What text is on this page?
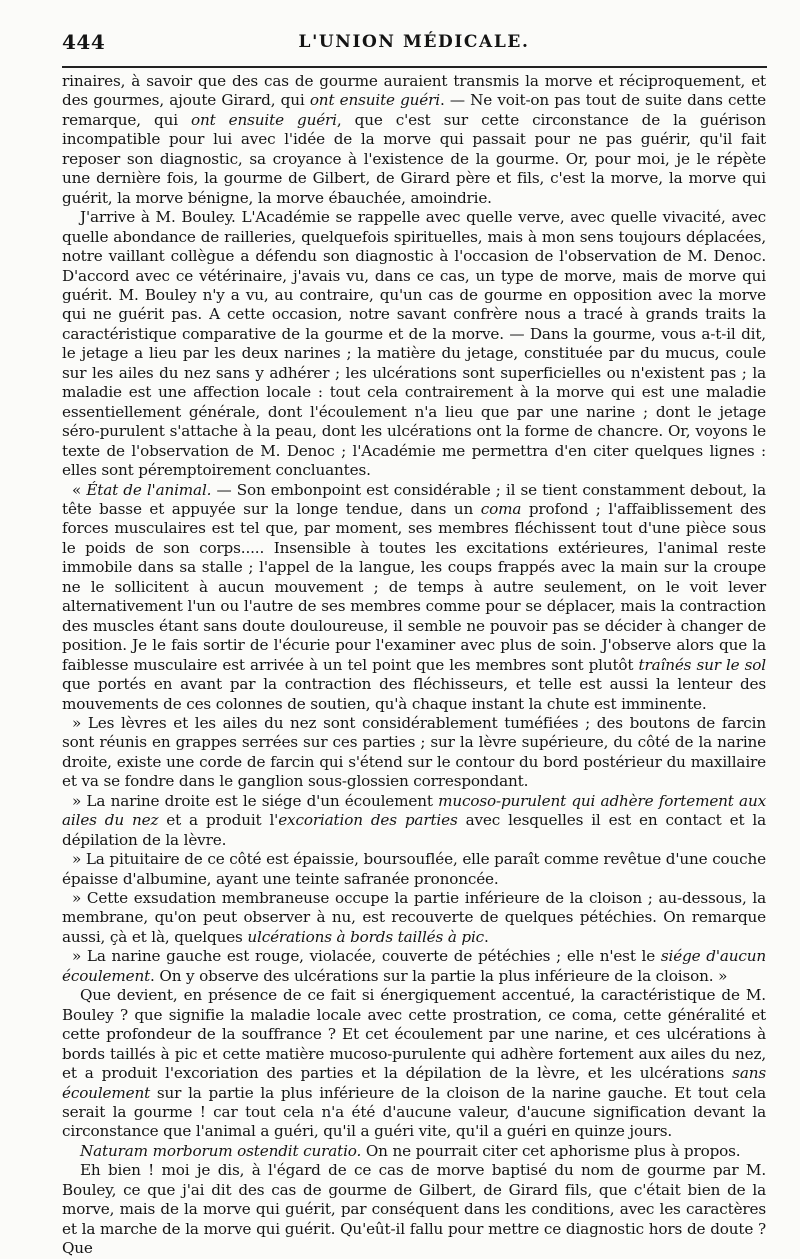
444	L'UNION MÉDICALE.

rinaires, à savoir que des cas de gourme auraient transmis la morve et réciproquement, et des gourmes, ajoute Girard, qui ont ensuite guéri. — Ne voit-on pas tout de suite dans cette remarque, qui ont ensuite guéri, que c'est sur cette circonstance de la guérison incompatible pour lui avec l'idée de la morve qui passait pour ne pas guérir, qu'il fait reposer son diagnostic, sa croyance à l'existence de la gourme. Or, pour moi, je le répète une dernière fois, la gourme de Gilbert, de Girard père et fils, c'est la morve, la morve qui guérit, la morve bénigne, la morve ébauchée, amoindrie.

J'arrive à M. Bouley. L'Académie se rappelle avec quelle verve, avec quelle vivacité, avec quelle abondance de railleries, quelquefois spirituelles, mais à mon sens toujours déplacées, notre vaillant collègue a défendu son diagnostic à l'occasion de l'observation de M. Denoc. D'accord avec ce vétérinaire, j'avais vu, dans ce cas, un type de morve, mais de morve qui guérit. M. Bouley n'y a vu, au contraire, qu'un cas de gourme en opposition avec la morve qui ne guérit pas. A cette occasion, notre savant confrère nous a tracé à grands traits la caractéristique comparative de la gourme et de la morve. — Dans la gourme, vous a-t-il dit, le jetage a lieu par les deux narines ; la matière du jetage, constituée par du mucus, coule sur les ailes du nez sans y adhérer ; les ulcérations sont superficielles ou n'existent pas ; la maladie est une affection locale : tout cela contrairement à la morve qui est une maladie essentiellement générale, dont l'écoulement n'a lieu que par une narine ; dont le jetage séro-purulent s'attache à la peau, dont les ulcérations ont la forme de chancre. Or, voyons le texte de l'observation de M. Denoc ; l'Académie me permettra d'en citer quelques lignes : elles sont péremptoirement concluantes.

« État de l'animal. — Son embonpoint est considérable ; il se tient constamment debout, la tête basse et appuyée sur la longe tendue, dans un coma profond ; l'affaiblissement des forces musculaires est tel que, par moment, ses membres fléchissent tout d'une pièce sous le poids de son corps..... Insensible à toutes les excitations extérieures, l'animal reste immobile dans sa stalle ; l'appel de la langue, les coups frappés avec la main sur la croupe ne le sollicitent à aucun mouvement ; de temps à autre seulement, on le voit lever alternativement l'un ou l'autre de ses membres comme pour se déplacer, mais la contraction des muscles étant sans doute douloureuse, il semble ne pouvoir pas se décider à changer de position. Je le fais sortir de l'écurie pour l'examiner avec plus de soin. J'observe alors que la faiblesse musculaire est arrivée à un tel point que les membres sont plutôt traînés sur le sol que portés en avant par la contraction des fléchisseurs, et telle est aussi la lenteur des mouvements de ces colonnes de soutien, qu'à chaque instant la chute est imminente.

» Les lèvres et les ailes du nez sont considérablement tuméfiées ; des boutons de farcin sont réunis en grappes serrées sur ces parties ; sur la lèvre supérieure, du côté de la narine droite, existe une corde de farcin qui s'étend sur le contour du bord postérieur du maxillaire et va se fondre dans le ganglion sous-glossien correspondant.

» La narine droite est le siége d'un écoulement mucoso-purulent qui adhère fortement aux ailes du nez et a produit l'excoriation des parties avec lesquelles il est en contact et la dépilation de la lèvre.

» La pituitaire de ce côté est épaissie, boursouflée, elle paraît comme revêtue d'une couche épaisse d'albumine, ayant une teinte safranée prononcée.

» Cette exsudation membraneuse occupe la partie inférieure de la cloison ; au-dessous, la membrane, qu'on peut observer à nu, est recouverte de quelques pétéchies. On remarque aussi, çà et là, quelques ulcérations à bords taillés à pic.

» La narine gauche est rouge, violacée, couverte de pétéchies ; elle n'est le siége d'aucun écoulement. On y observe des ulcérations sur la partie la plus inférieure de la cloison. »

Que devient, en présence de ce fait si énergiquement accentué, la caractéristique de M. Bouley ? que signifie la maladie locale avec cette prostration, ce coma, cette généralité et cette profondeur de la souffrance ? Et cet écoulement par une narine, et ces ulcérations à bords taillés à pic et cette matière mucoso-purulente qui adhère fortement aux ailes du nez, et a produit l'excoriation des parties et la dépilation de la lèvre, et les ulcérations sans écoulement sur la partie la plus inférieure de la cloison de la narine gauche. Et tout cela serait la gourme ! car tout cela n'a été d'aucune valeur, d'aucune signification devant la circonstance que l'animal a guéri, qu'il a guéri vite, qu'il a guéri en quinze jours.

Naturam morborum ostendit curatio. On ne pourrait citer cet aphorisme plus à propos.

Eh bien ! moi je dis, à l'égard de ce cas de morve baptisé du nom de gourme par M. Bouley, ce que j'ai dit des cas de gourme de Gilbert, de Girard fils, que c'était bien de la morve, mais de la morve qui guérit, par conséquent dans les conditions, avec les caractères et la marche de la morve qui guérit. Qu'eût-il fallu pour mettre ce diagnostic hors de doute ? Que
